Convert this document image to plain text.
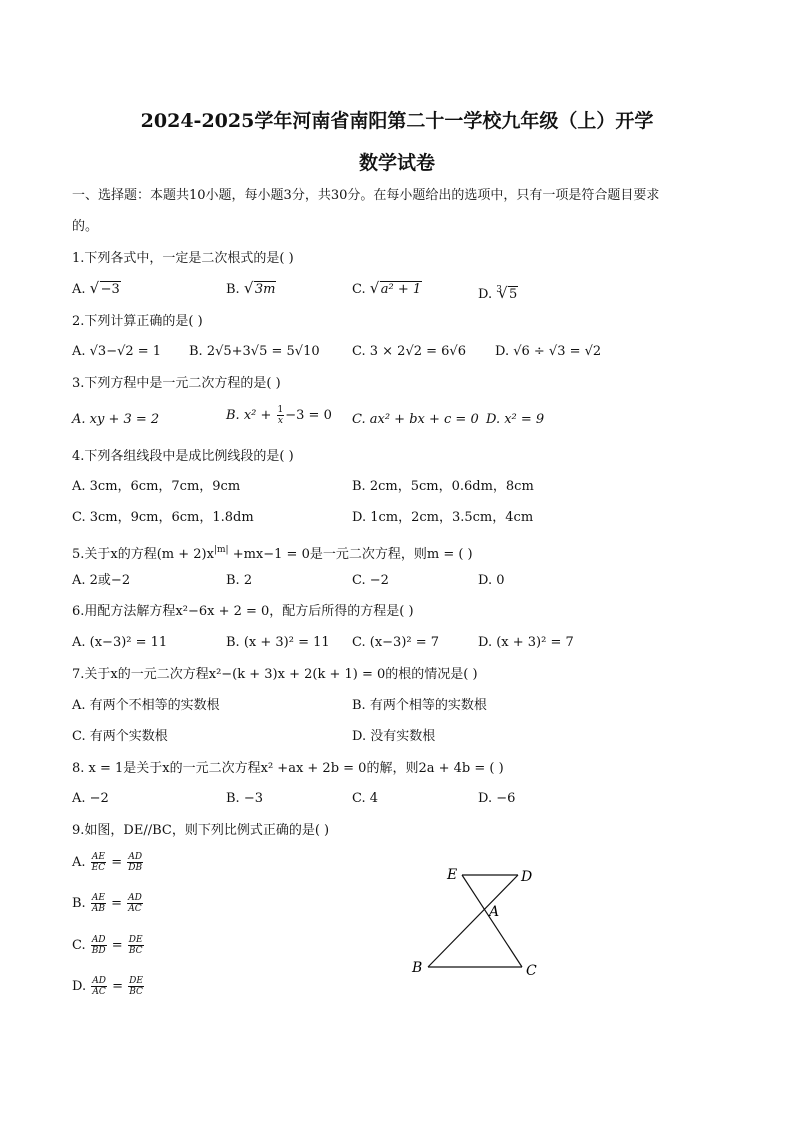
2024-2025学年河南省南阳第二十一学校九年级（上）开学
数学试卷
一、选择题：本题共10小题，每小题3分，共30分。在每小题给出的选项中，只有一项是符合题目要求
的。
1.下列各式中，一定是二次根式的是( )
A. √ −3	B. √ 3m	C. √ a² + 1	D. $^3$√ 5
2.下列计算正确的是( )
A. √3−√2 = 1 B. 2√5+3√5 = 5√10 C. 3 × 2√2 = 6√6 D. √6 ÷ √3 = √2
3.下列方程中是一元二次方程的是( )
A. xy + 3 = 2	B. $x^2 + \frac{1}{x} -3 = 0$ C. ax² + bx + c = 0 D. x² = 9
4.下列各组线段中是成比例线段的是( )
A. 3cm，6cm，7cm，9cm	B. 2cm，5cm，0.6dm，8cm
C. 3cm，9cm，6cm，1.8dm	D. 1cm，2cm，3.5cm，4cm
5.关于x的方程$(m + 2)x^{|m|} +mx-1 = 0$是一元二次方程，则m = ( )
A. 2或−2	B. 2	C. −2	D. 0
6.用配方法解方程x²−6x + 2 = 0，配方后所得的方程是( )
A. (x−3)² = 11	B. (x + 3)² = 11 C. (x−3)² = 7	D. (x + 3)² = 7
7.关于x的一元二次方程x²−(k + 3)x + 2(k + 1) = 0的根的情况是( )
A. 有两个不相等的实数根	B. 有两个相等的实数根
C. 有两个实数根	D. 没有实数根
8. x = 1是关于x的一元二次方程x² +ax + 2b = 0的解，则2a + 4b = ( )
A. −2	B. −3	C. 4	D. −6
9.如图，DE//BC，则下列比例式正确的是( )
A. $\frac{AE}{EC} = \frac{AD}{DB}$
B. $\frac{AE}{AB} = \frac{AD}{AC}$
C. $\frac{AD}{BD} = \frac{DE}{BC}$
D. $\frac{AD}{AC} = \frac{DE}{BC}$
E	D
A
B	C
